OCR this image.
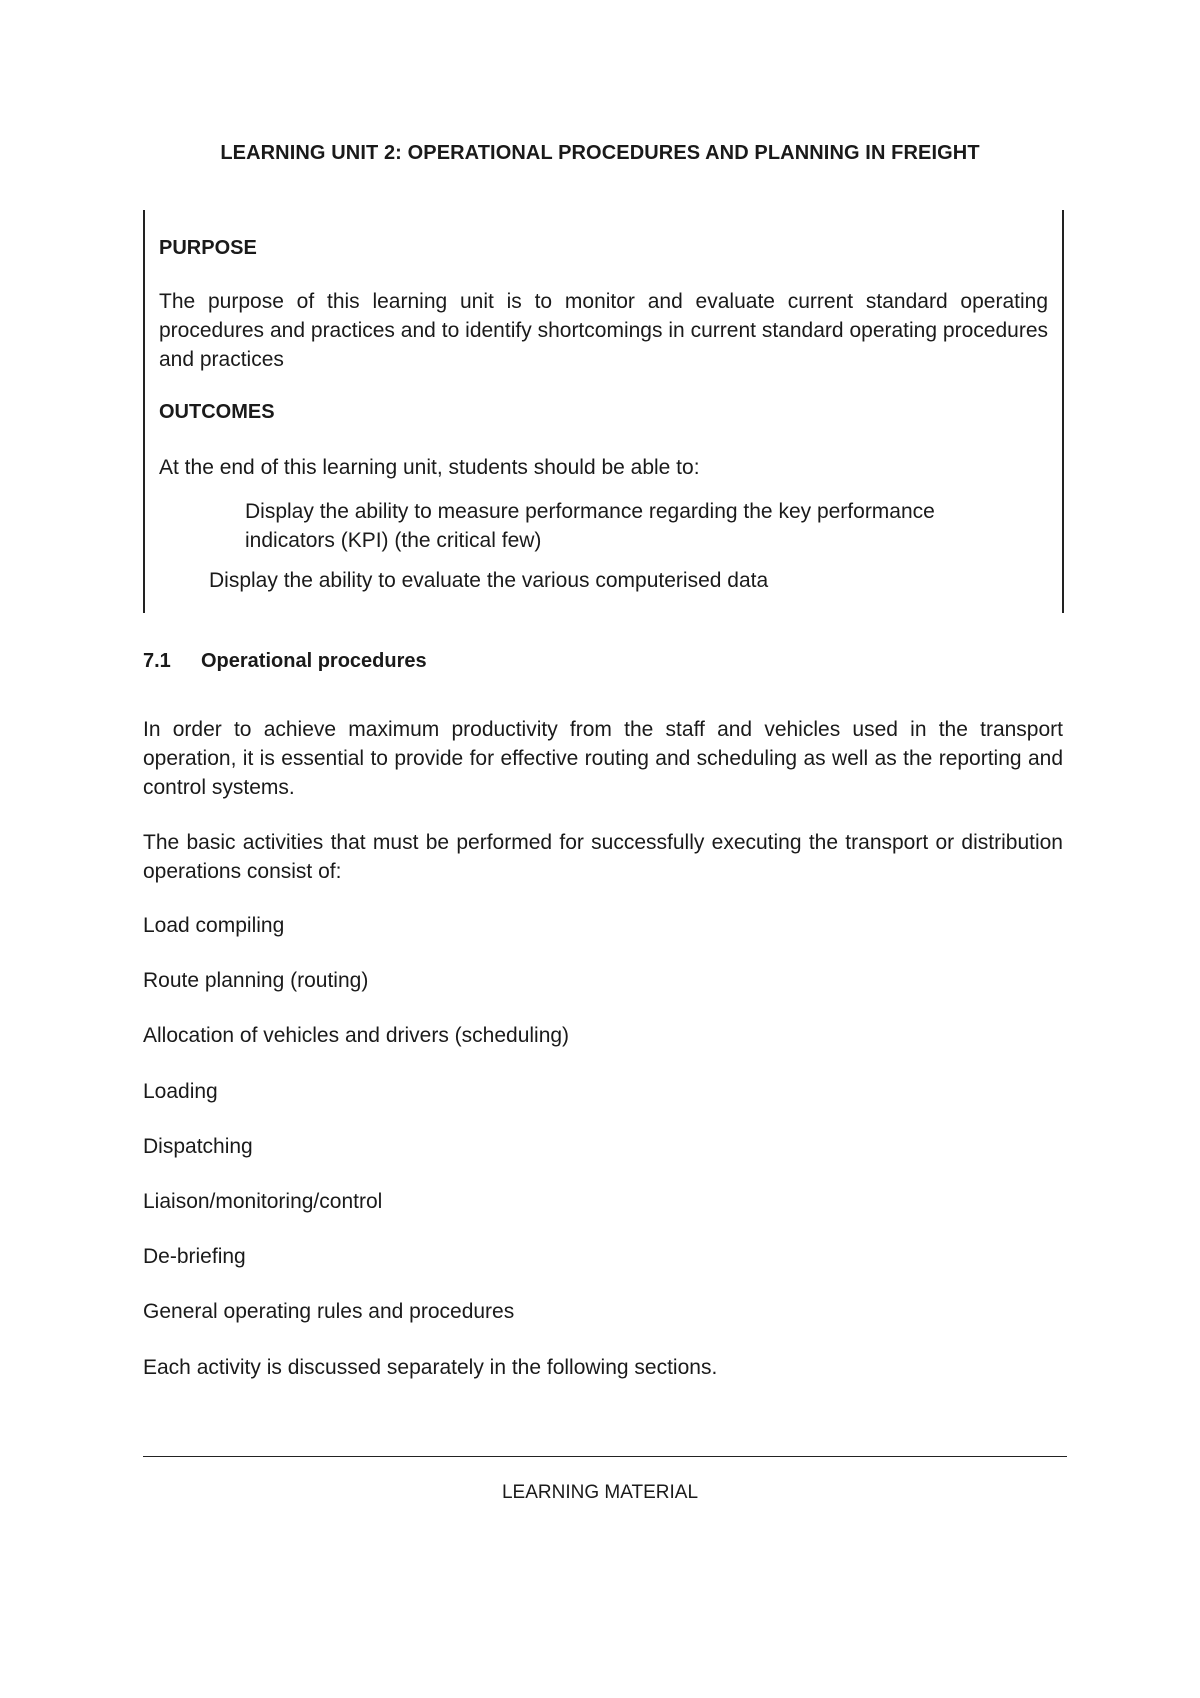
LEARNING UNIT 2: OPERATIONAL PROCEDURES AND PLANNING IN FREIGHT
PURPOSE
The purpose of this learning unit is to monitor and evaluate current standard operating procedures and practices and to identify shortcomings in current standard operating procedures and practices
OUTCOMES
At the end of this learning unit, students should be able to:
Display the ability to measure performance regarding the key performance indicators (KPI) (the critical few)
Display the ability to evaluate the various computerised data
7.1 Operational procedures
In order to achieve maximum productivity from the staff and vehicles used in the transport operation, it is essential to provide for effective routing and scheduling as well as the reporting and control systems.
The basic activities that must be performed for successfully executing the transport or distribution operations consist of:
Load compiling
Route planning (routing)
Allocation of vehicles and drivers (scheduling)
Loading
Dispatching
Liaison/monitoring/control
De-briefing
General operating rules and procedures
Each activity is discussed separately in the following sections.
LEARNING MATERIAL
